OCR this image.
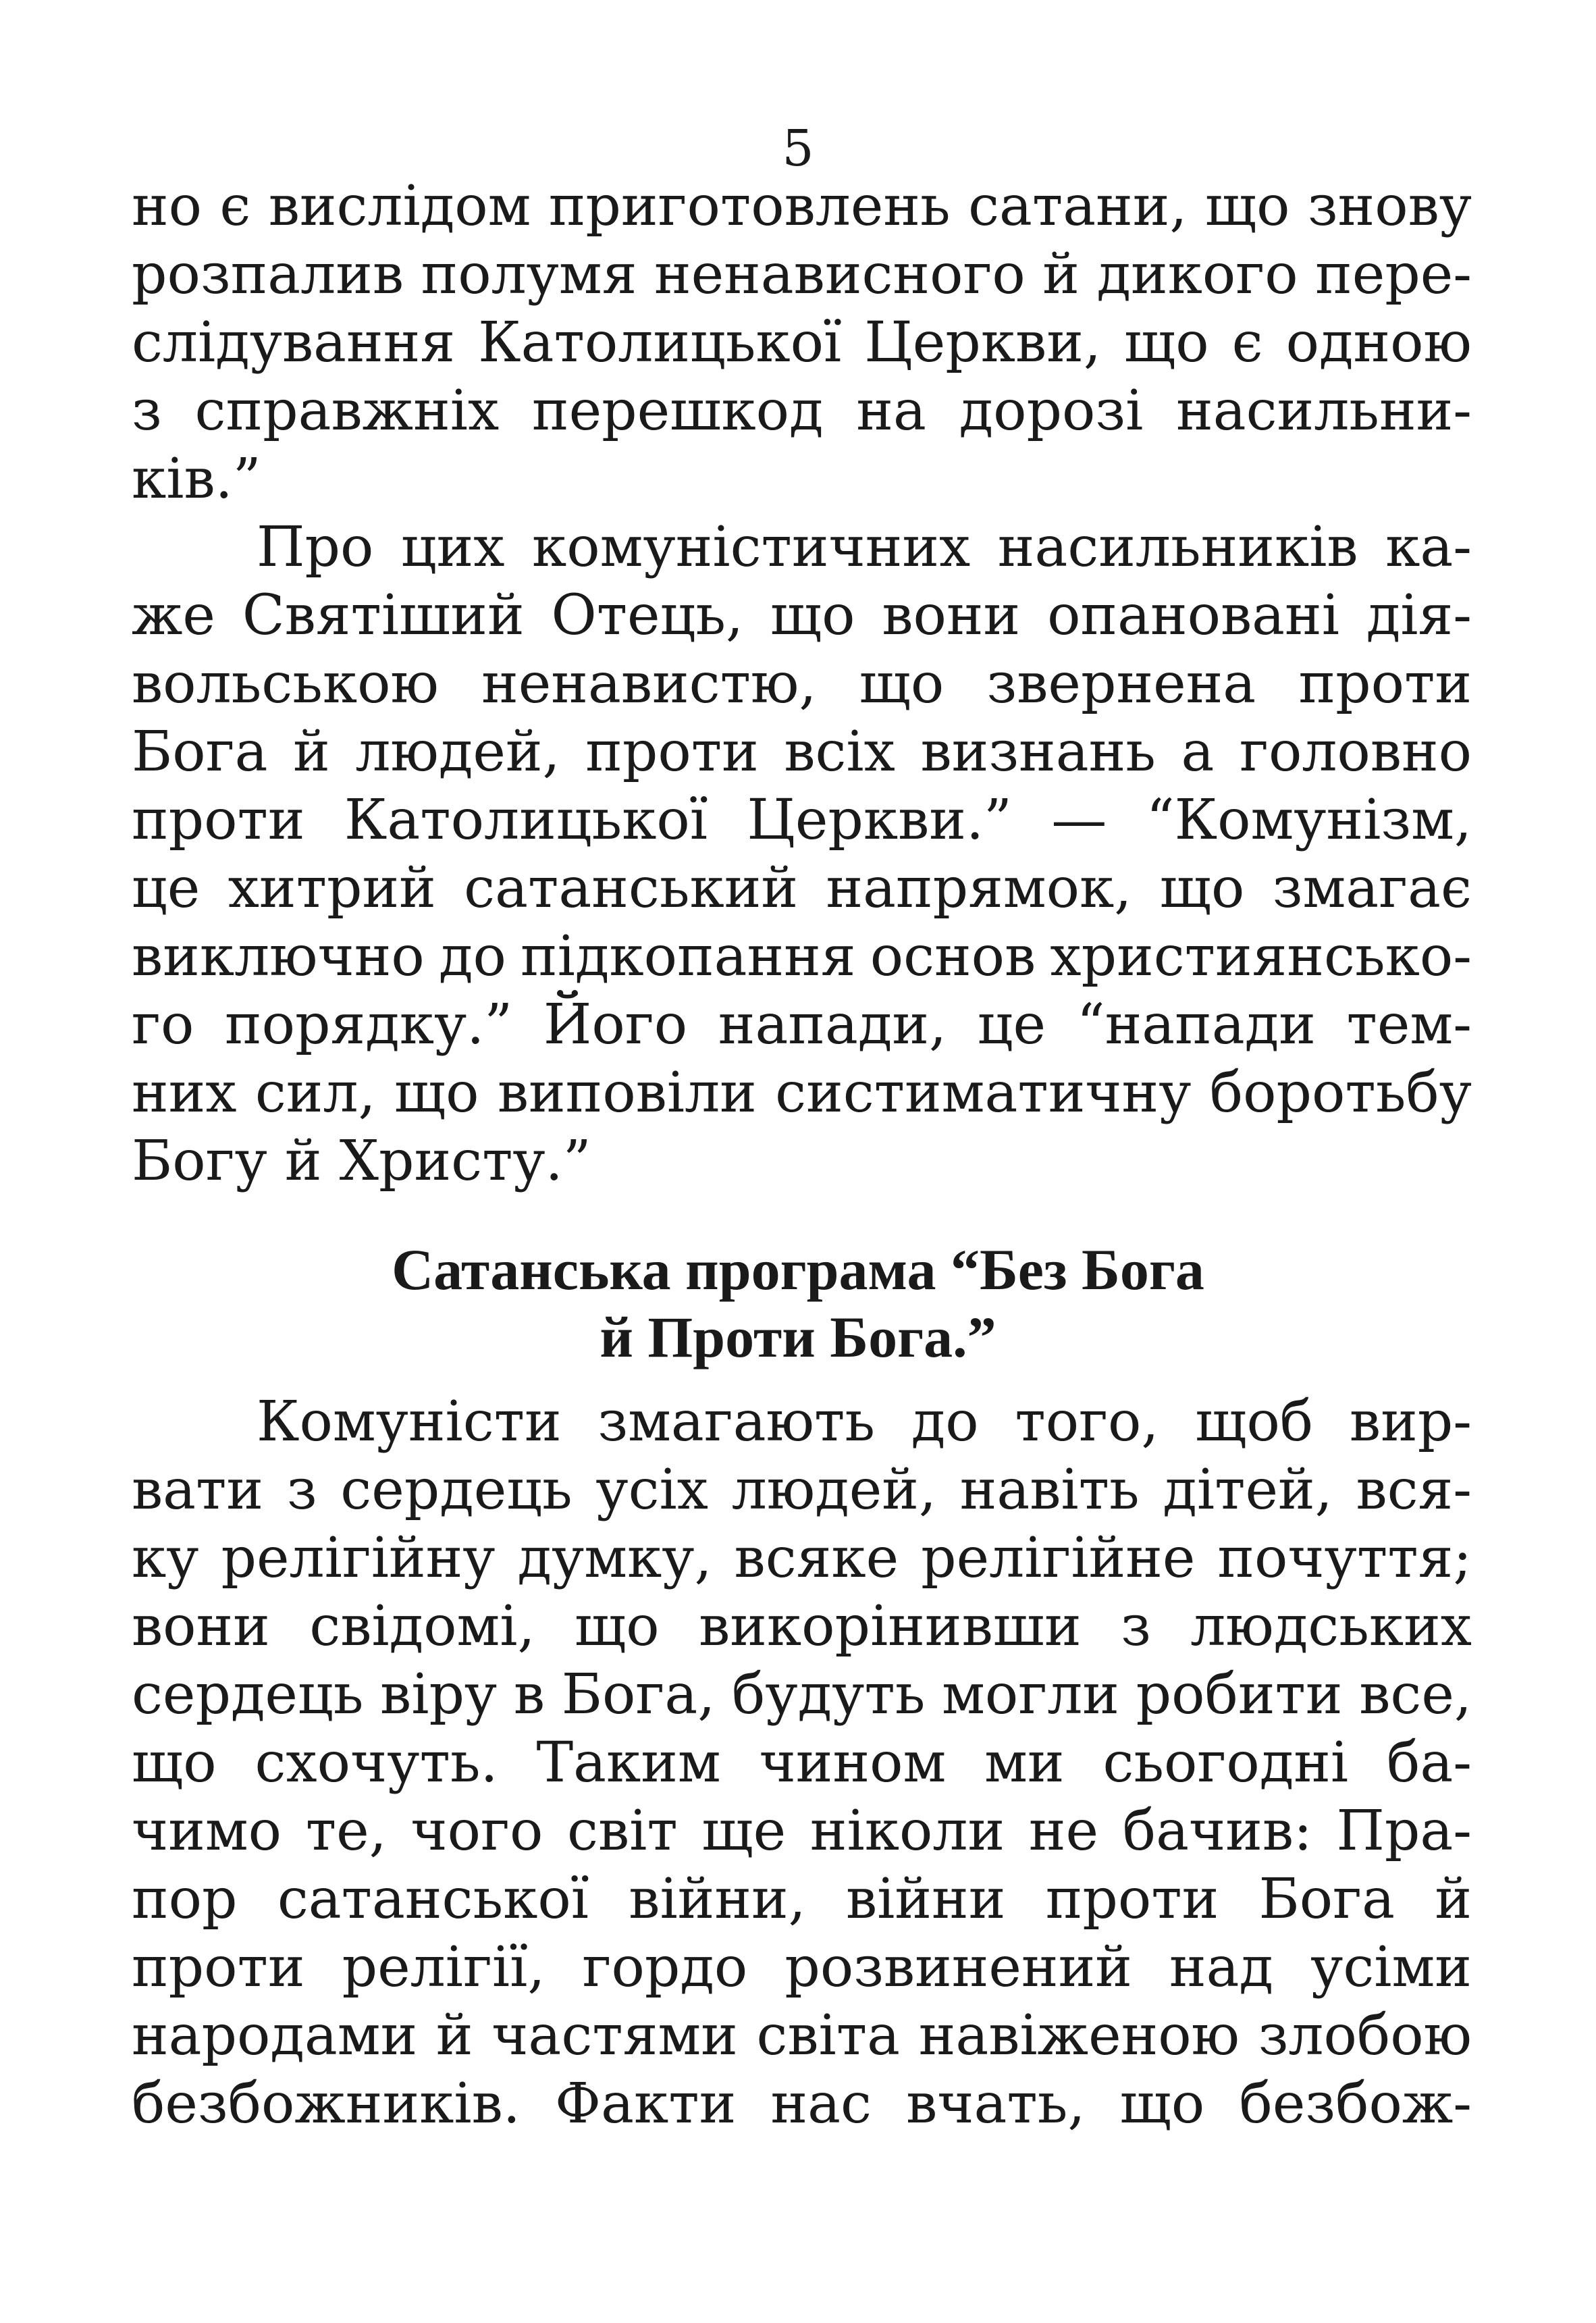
5
но є вислідом приготовлень сатани, що знову
розпалив полумя ненависного й дикого пере-
слідування Католицької Церкви, що є одною
з справжніх перешкод на дорозі насильни-
ків.”
Про цих комуністичних насильників ка-
же Святіший Отець, що вони опановані дія-
вольською ненавистю, що звернена проти
Бога й людей, проти всіх визнань а головно
проти Католицької Церкви.” — “Комунізм,
це хитрий сатанський напрямок, що змагає
виключно до підкопання основ християнсько-
го порядку.” Його напади, це “напади тем-
них сил, що виповіли систиматичну боротьбу
Богу й Христу.”
Сатанська програма “Без Бога
й Проти Бога.”
Комуністи змагають до того, щоб вир-
вати з сердець усіх людей, навіть дітей, вся-
ку релігійну думку, всяке релігійне почуття;
вони свідомі, що викорінивши з людських
сердець віру в Бога, будуть могли робити все,
що схочуть. Таким чином ми сьогодні ба-
чимо те, чого світ ще ніколи не бачив: Пра-
пор сатанської війни, війни проти Бога й
проти релігії, гордо розвинений над усіми
народами й частями світа навіженою злобою
безбожників. Факти нас вчать, що безбож-
